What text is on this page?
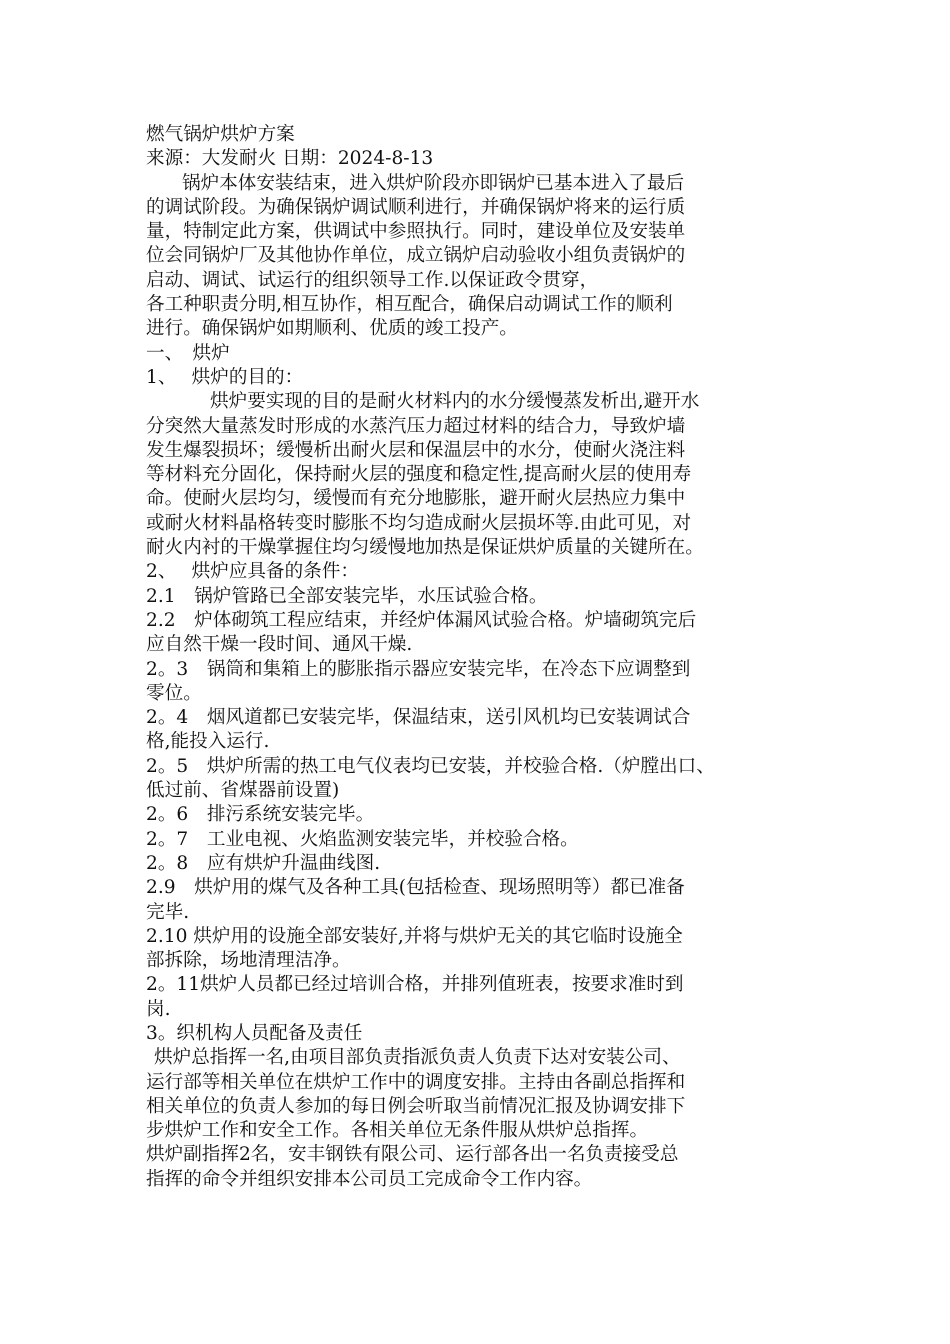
燃气锅炉烘炉方案
来源：大发耐火 日期：2024-8-13
锅炉本体安装结束，进入烘炉阶段亦即锅炉已基本进入了最后
的调试阶段。为确保锅炉调试顺利进行，并确保锅炉将来的运行质
量，特制定此方案，供调试中参照执行。同时，建设单位及安装单
位会同锅炉厂及其他协作单位，成立锅炉启动验收小组负责锅炉的
启动、调试、试运行的组织领导工作.以保证政令贯穿，
各工种职责分明,相互协作，相互配合，确保启动调试工作的顺利
进行。确保锅炉如期顺利、优质的竣工投产。
一、　烘炉
1、　 烘炉的目的：
烘炉要实现的目的是耐火材料内的水分缓慢蒸发析出,避开水
分突然大量蒸发时形成的水蒸汽压力超过材料的结合力，导致炉墙
发生爆裂损坏；缓慢析出耐火层和保温层中的水分，使耐火浇注料
等材料充分固化，保持耐火层的强度和稳定性,提高耐火层的使用寿
命。使耐火层均匀，缓慢而有充分地膨胀，避开耐火层热应力集中
或耐火材料晶格转变时膨胀不均匀造成耐火层损坏等.由此可见，对
耐火内衬的干燥掌握住均匀缓慢地加热是保证烘炉质量的关键所在。
2、　 烘炉应具备的条件：
2.1　锅炉管路已全部安装完毕，水压试验合格。
2.2　炉体砌筑工程应结束，并经炉体漏风试验合格。炉墙砌筑完后
应自然干燥一段时间、通风干燥.
2。3　锅筒和集箱上的膨胀指示器应安装完毕，在冷态下应调整到
零位。
2。4　烟风道都已安装完毕，保温结束，送引风机均已安装调试合
格,能投入运行.
2。5　烘炉所需的热工电气仪表均已安装，并校验合格.（炉膛出口、
低过前、省煤器前设置)
2。6　排污系统安装完毕。
2。7　工业电视、火焰监测安装完毕，并校验合格。
2。8　应有烘炉升温曲线图.
2.9　烘炉用的煤气及各种工具(包括检查、现场照明等）都已准备
完毕.
2.10 烘炉用的设施全部安装好,并将与烘炉无关的其它临时设施全
部拆除，场地清理洁净。
2。11烘炉人员都已经过培训合格，并排列值班表，按要求准时到
岗.
3。织机构人员配备及责任
烘炉总指挥一名,由项目部负责指派负责人负责下达对安装公司、
运行部等相关单位在烘炉工作中的调度安排。主持由各副总指挥和
相关单位的负责人参加的每日例会听取当前情况汇报及协调安排下
步烘炉工作和安全工作。各相关单位无条件服从烘炉总指挥。
烘炉副指挥2名，安丰钢铁有限公司、运行部各出一名负责接受总
指挥的命令并组织安排本公司员工完成命令工作内容。
